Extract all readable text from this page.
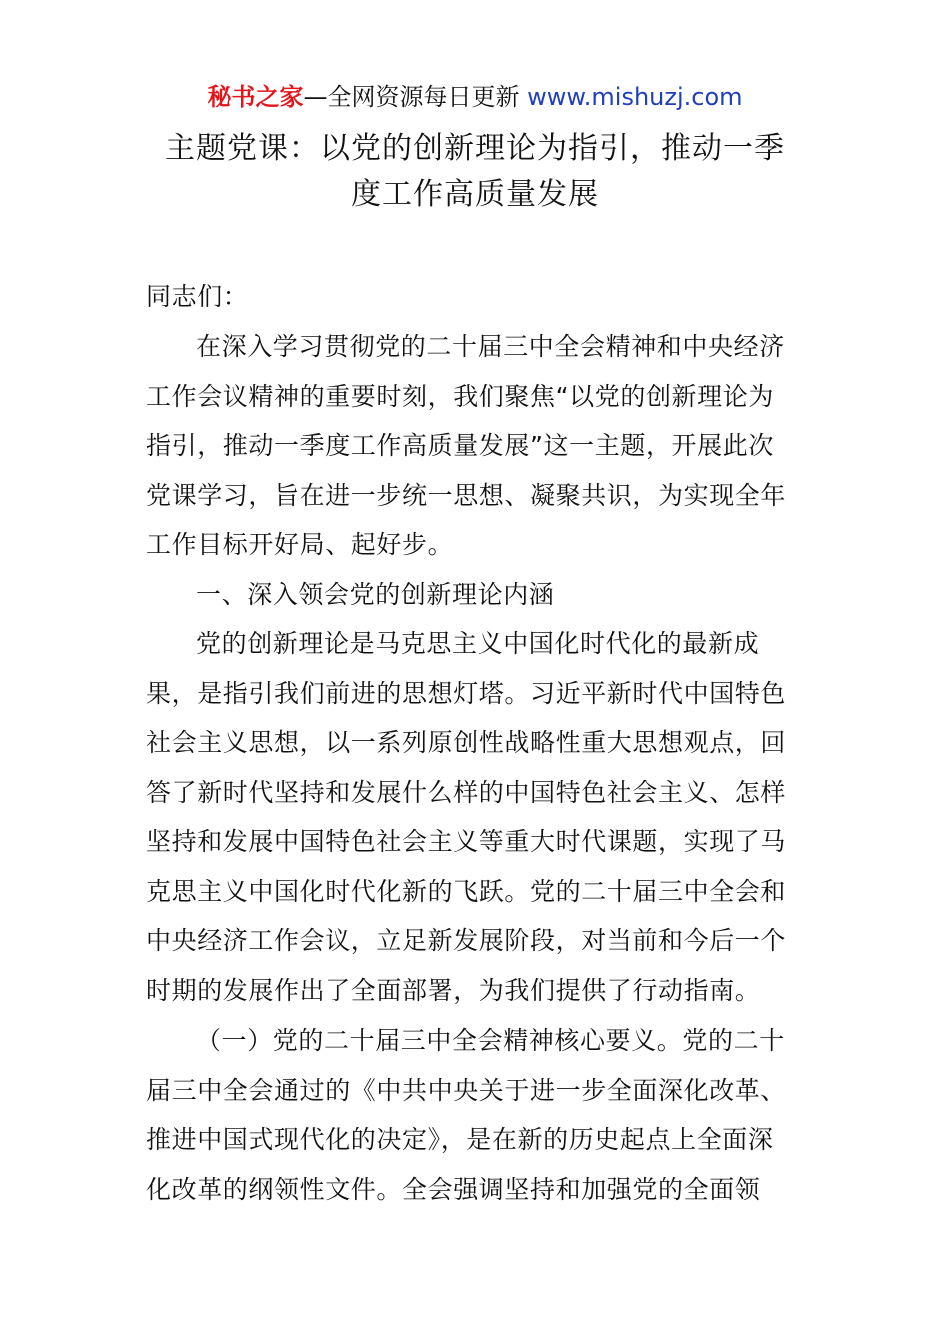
秘书之家—全网资源每日更新 www.mishuzj.com
主题党课：以党的创新理论为指引，推动一季
度工作高质量发展
同志们：
在深入学习贯彻党的二十届三中全会精神和中央经济
工作会议精神的重要时刻，我们聚焦“以党的创新理论为
指引，推动一季度工作高质量发展”这一主题，开展此次
党课学习，旨在进一步统一思想、凝聚共识，为实现全年
工作目标开好局、起好步。
一、深入领会党的创新理论内涵
党的创新理论是马克思主义中国化时代化的最新成
果，是指引我们前进的思想灯塔。习近平新时代中国特色
社会主义思想，以一系列原创性战略性重大思想观点，回
答了新时代坚持和发展什么样的中国特色社会主义、怎样
坚持和发展中国特色社会主义等重大时代课题，实现了马
克思主义中国化时代化新的飞跃。党的二十届三中全会和
中央经济工作会议，立足新发展阶段，对当前和今后一个
时期的发展作出了全面部署，为我们提供了行动指南。
（一）党的二十届三中全会精神核心要义。党的二十
届三中全会通过的《中共中央关于进一步全面深化改革、
推进中国式现代化的决定》，是在新的历史起点上全面深
化改革的纲领性文件。全会强调坚持和加强党的全面领
